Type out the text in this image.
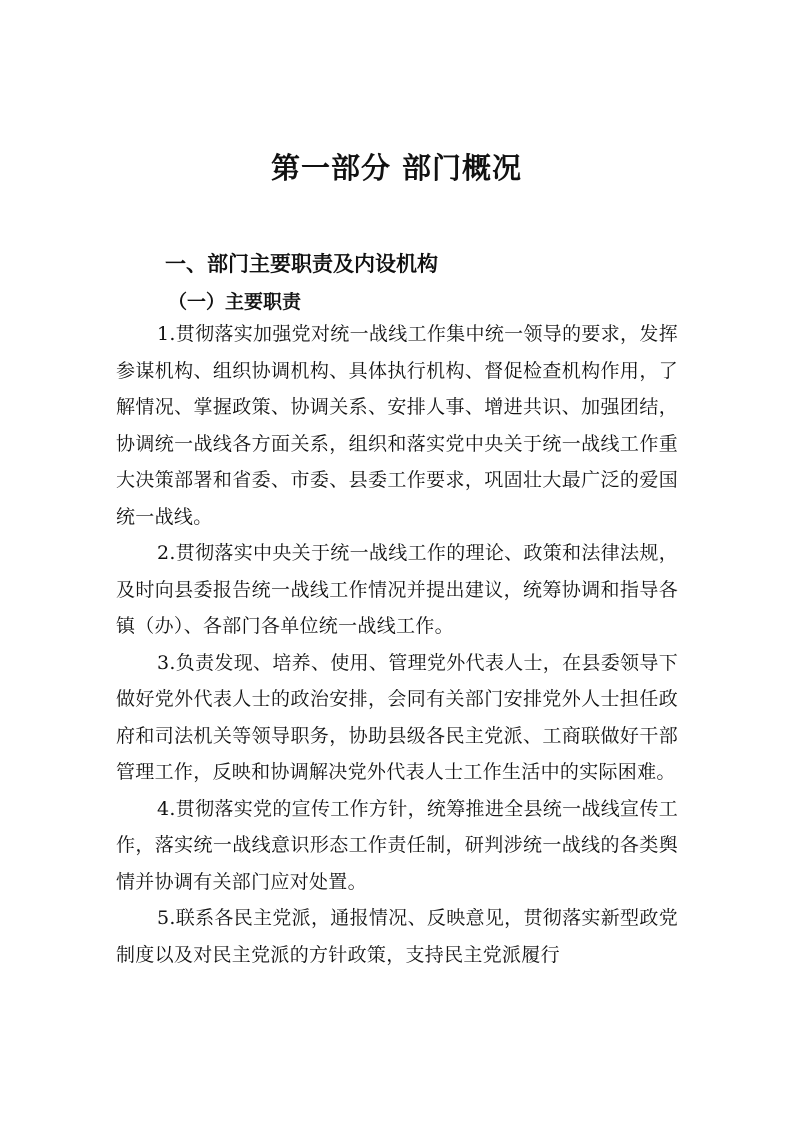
第一部分 部门概况
一、部门主要职责及内设机构
（一）主要职责

1.贯彻落实加强党对统一战线工作集中统一领导的要求，发挥参谋机构、组织协调机构、具体执行机构、督促检查机构作用，了解情况、掌握政策、协调关系、安排人事、增进共识、加强团结，协调统一战线各方面关系，组织和落实党中央关于统一战线工作重大决策部署和省委、市委、县委工作要求，巩固壮大最广泛的爱国统一战线。

2.贯彻落实中央关于统一战线工作的理论、政策和法律法规，及时向县委报告统一战线工作情况并提出建议，统筹协调和指导各镇（办）、各部门各单位统一战线工作。

3.负责发现、培养、使用、管理党外代表人士，在县委领导下做好党外代表人士的政治安排，会同有关部门安排党外人士担任政府和司法机关等领导职务，协助县级各民主党派、工商联做好干部管理工作，反映和协调解决党外代表人士工作生活中的实际困难。

4.贯彻落实党的宣传工作方针，统筹推进全县统一战线宣传工作，落实统一战线意识形态工作责任制，研判涉统一战线的各类舆情并协调有关部门应对处置。

5.联系各民主党派，通报情况、反映意见，贯彻落实新型政党制度以及对民主党派的方针政策，支持民主党派履行
